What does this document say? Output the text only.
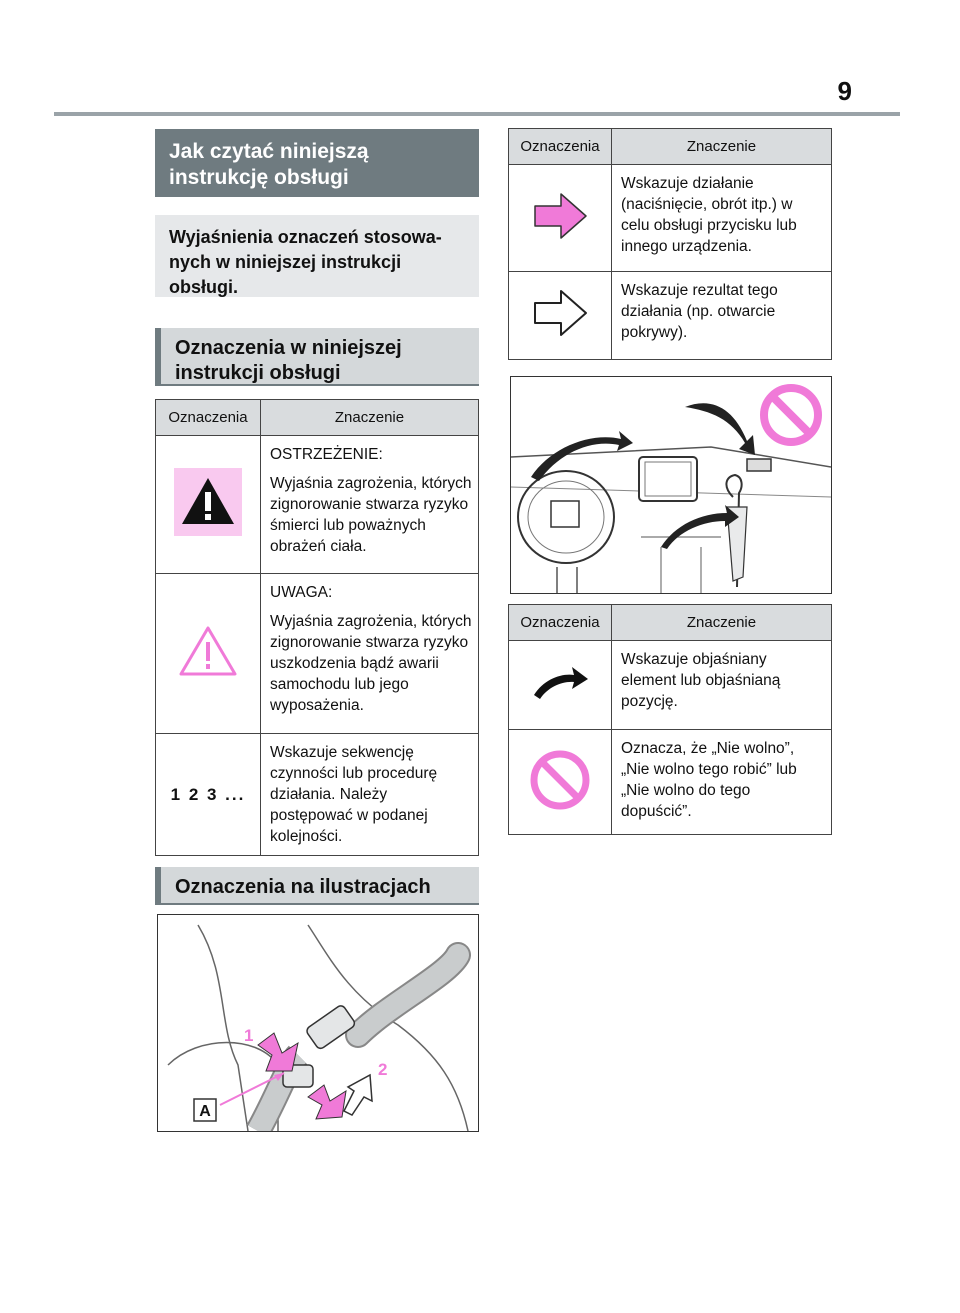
9
Jak czytać niniejszą instrukcję obsługi
Wyjaśnienia oznaczeń stosowa-nych w niniejszej instrukcji obsługi.
Oznaczenia w niniejszej instrukcji obsługi
Oznaczenia	Znaczenie

OSTRZEŻENIE:
Wyjaśnia zagrożenia, których zignorowanie stwarza ryzyko śmierci lub poważnych obrażeń ciała.

UWAGA:
Wyjaśnia zagrożenia, których zignorowanie stwarza ryzyko uszkodzenia bądź awarii samochodu lub jego wyposażenia.

1 2 3 ...	Wskazuje sekwencję czynności lub procedurę działania. Należy postępować w podanej kolejności.
Oznaczenia na ilustracjach
A
1
2
Oznaczenia	Znaczenie
	Wskazuje działanie (naciśnięcie, obrót itp.) w celu obsługi przycisku lub innego urządzenia.
	Wskazuje rezultat tego działania (np. otwarcie pokrywy).
Oznaczenia	Znaczenie
	Wskazuje objaśniany element lub objaśnianą pozycję.
	Oznacza, że „Nie wolno”, „Nie wolno tego robić” lub „Nie wolno do tego dopuścić”.
